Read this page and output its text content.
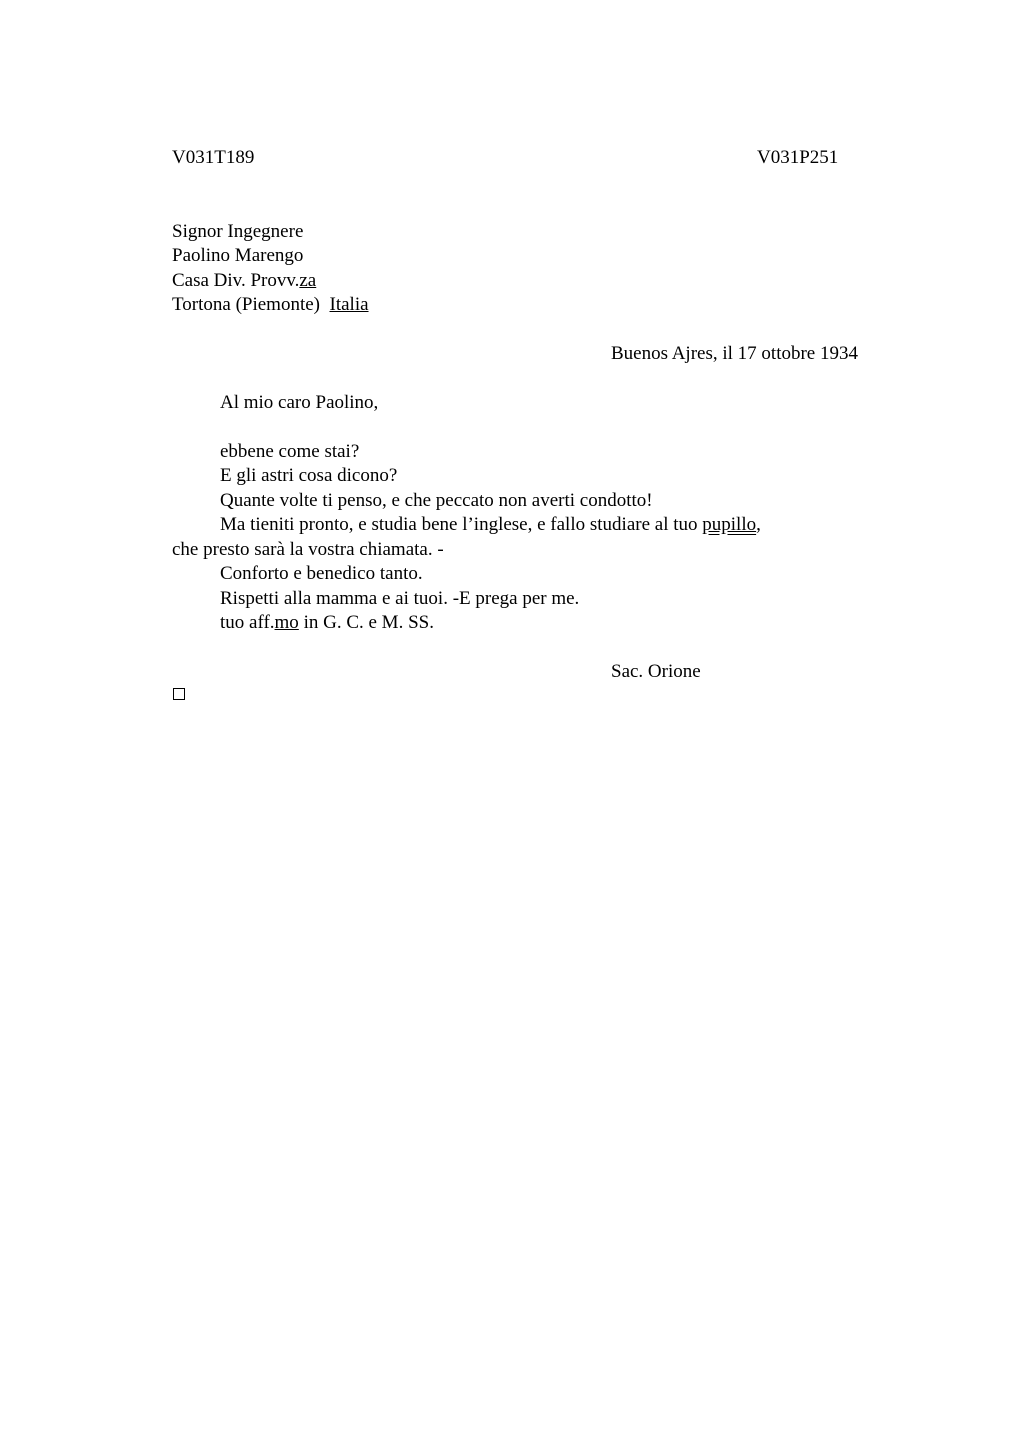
V031T189	V031P251
Signor Ingegnere
Paolino Marengo
Casa Div. Provv.za
Tortona (Piemonte) Italia
Buenos Ajres, il 17 ottobre 1934
Al mio caro Paolino,
ebbene come stai?
E gli astri cosa dicono?
Quante volte ti penso, e che peccato non averti condotto!
Ma tieniti pronto, e studia bene l’inglese, e fallo studiare al tuo pupillo,
che presto sarà la vostra chiamata. -
Conforto e benedico tanto.
Rispetti alla mamma e ai tuoi. -E prega per me.
tuo aff.mo in G. C. e M. SS.
Sac. Orione
